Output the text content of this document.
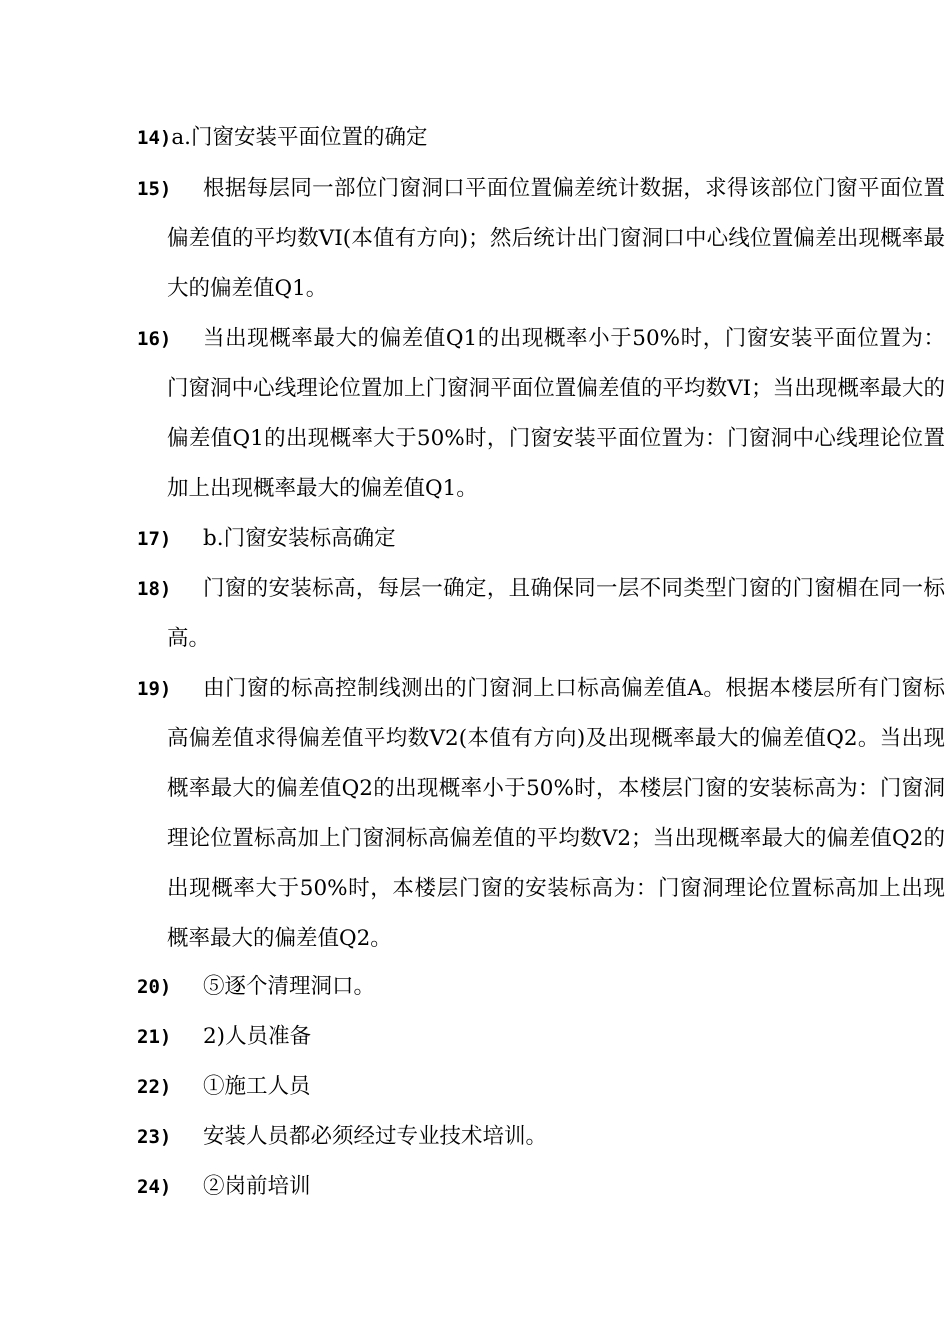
14)a.门窗安装平面位置的确定
15)	根据每层同一部位门窗洞口平面位置偏差统计数据，求得该部位门窗平面位置偏差值的平均数VI(本值有方向)；然后统计出门窗洞口中心线位置偏差出现概率最大的偏差值Q1。
16)	当出现概率最大的偏差值Q1的出现概率小于50%时，门窗安装平面位置为：门窗洞中心线理论位置加上门窗洞平面位置偏差值的平均数VI；当出现概率最大的偏差值Q1的出现概率大于50%时，门窗安装平面位置为：门窗洞中心线理论位置加上出现概率最大的偏差值Q1。
17)	b.门窗安装标高确定
18)	门窗的安装标高，每层一确定，且确保同一层不同类型门窗的门窗楣在同一标高。
19)	由门窗的标高控制线测出的门窗洞上口标高偏差值A。根据本楼层所有门窗标高偏差值求得偏差值平均数V2(本值有方向)及出现概率最大的偏差值Q2。当出现概率最大的偏差值Q2的出现概率小于50%时，本楼层门窗的安装标高为：门窗洞理论位置标高加上门窗洞标高偏差值的平均数V2；当出现概率最大的偏差值Q2的出现概率大于50%时，本楼层门窗的安装标高为：门窗洞理论位置标高加上出现概率最大的偏差值Q2。
20)	⑤逐个清理洞口。
21)	2)人员准备
22)	①施工人员
23)	安装人员都必须经过专业技术培训。
24)	②岗前培训
